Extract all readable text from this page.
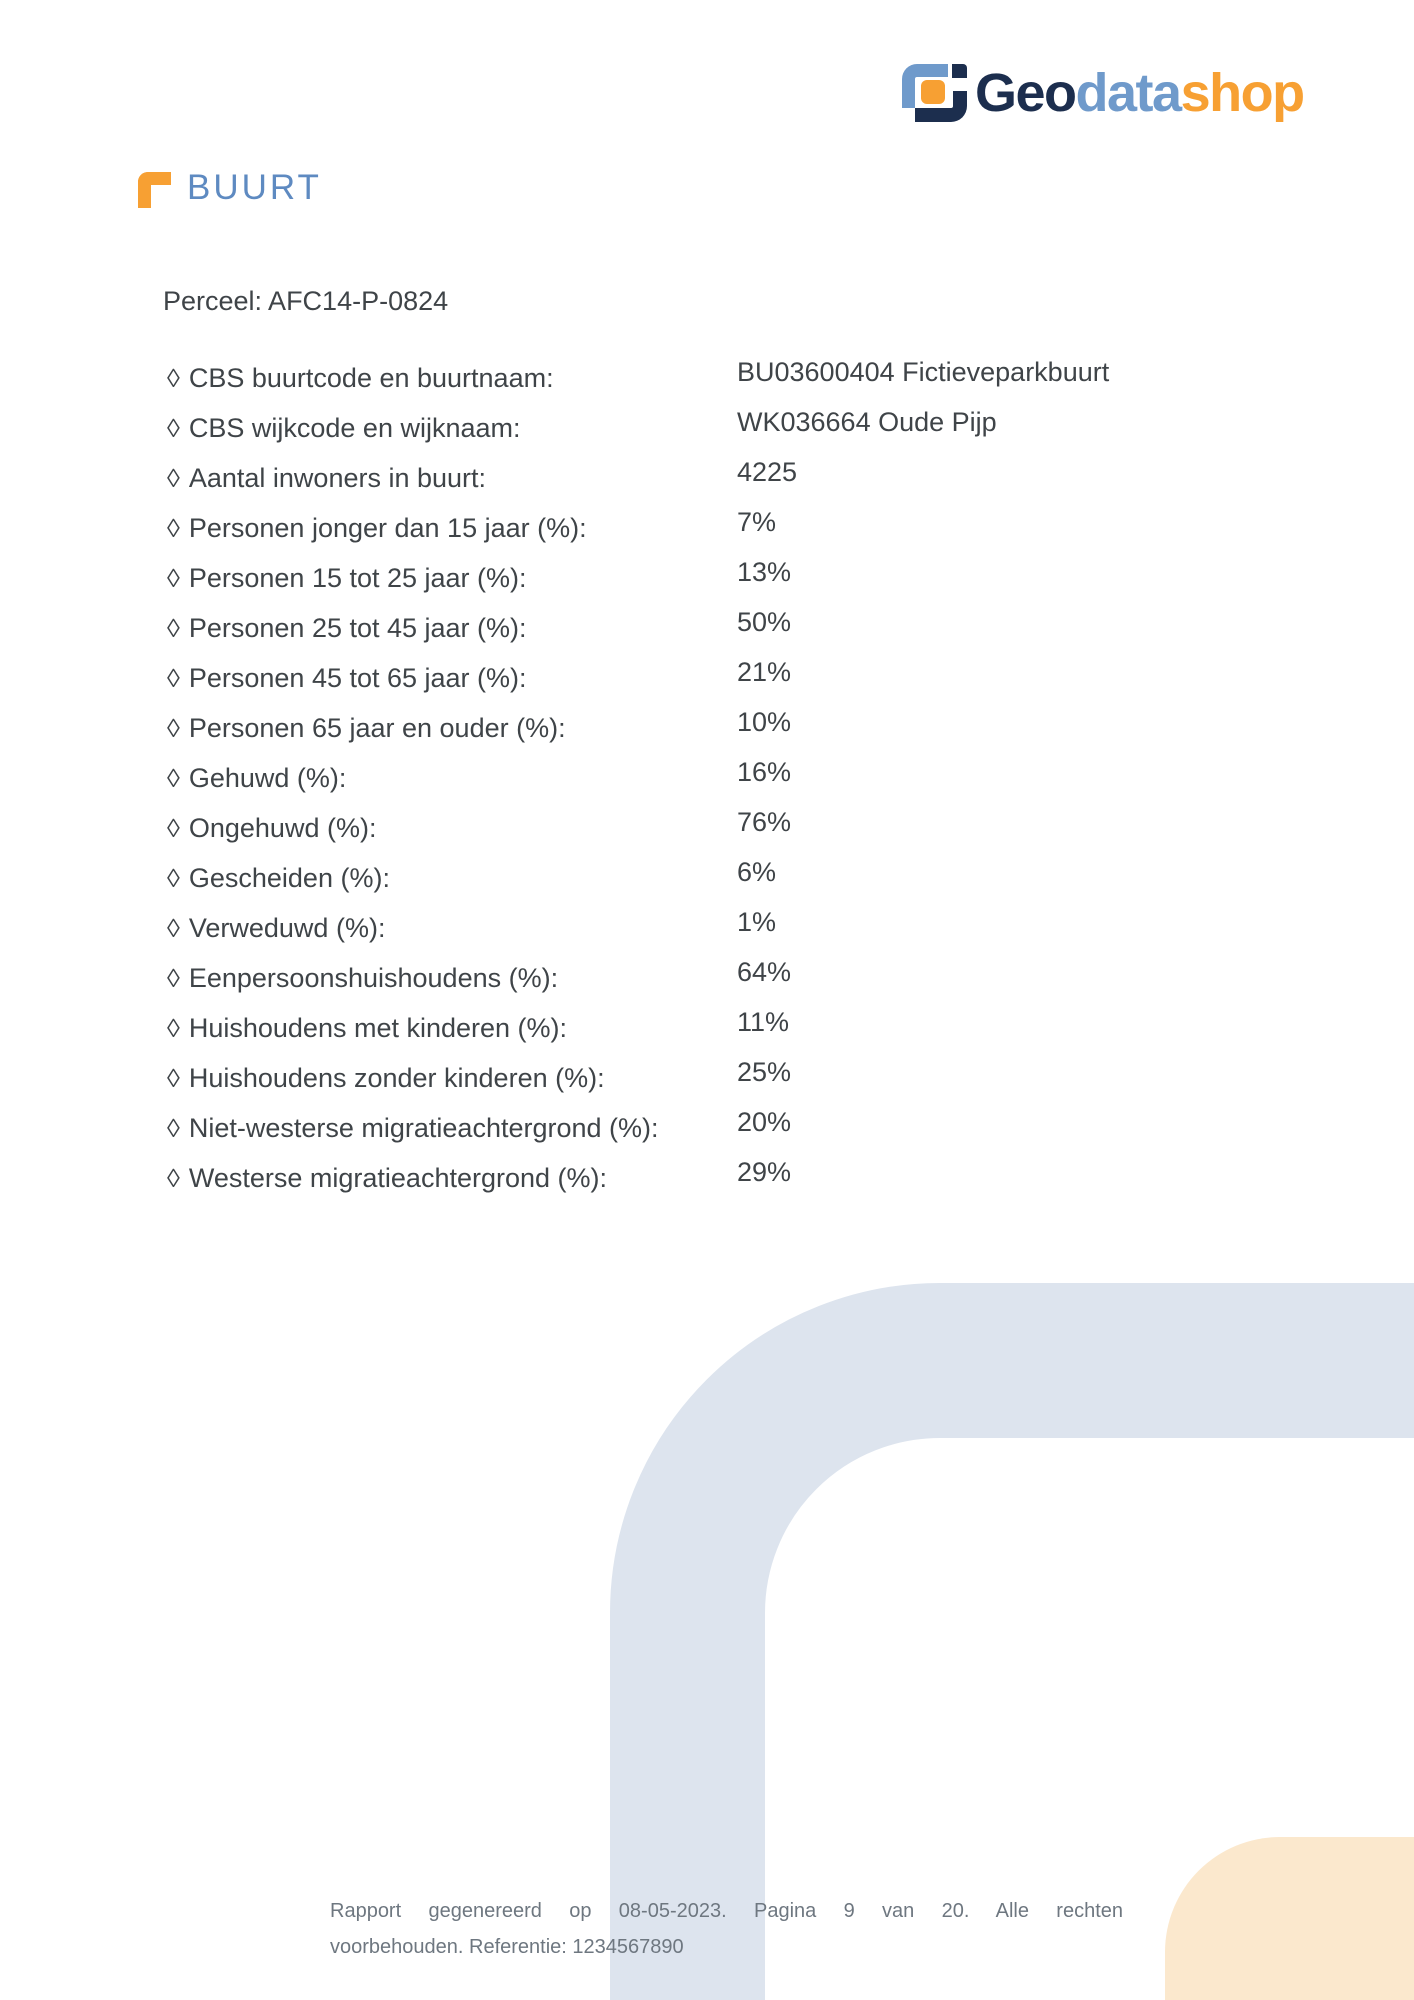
Geodatashop
BUURT
Perceel: AFC14-P-0824
◊ CBS buurtcode en buurtnaam:	BU03600404 Fictieveparkbuurt
◊ CBS wijkcode en wijknaam:	WK036664 Oude Pijp
◊ Aantal inwoners in buurt:	4225
◊ Personen jonger dan 15 jaar (%):	7%
◊ Personen 15 tot 25 jaar (%):	13%
◊ Personen 25 tot 45 jaar (%):	50%
◊ Personen 45 tot 65 jaar (%):	21%
◊ Personen 65 jaar en ouder (%):	10%
◊ Gehuwd (%):	16%
◊ Ongehuwd (%):	76%
◊ Gescheiden (%):	6%
◊ Verweduwd (%):	1%
◊ Eenpersoonshuishoudens (%):	64%
◊ Huishoudens met kinderen (%):	11%
◊ Huishoudens zonder kinderen (%):	25%
◊ Niet-westerse migratieachtergrond (%):	20%
◊ Westerse migratieachtergrond (%):	29%
Rapport gegenereerd op 08-05-2023. Pagina 9 van 20. Alle rechten
voorbehouden. Referentie: 1234567890
